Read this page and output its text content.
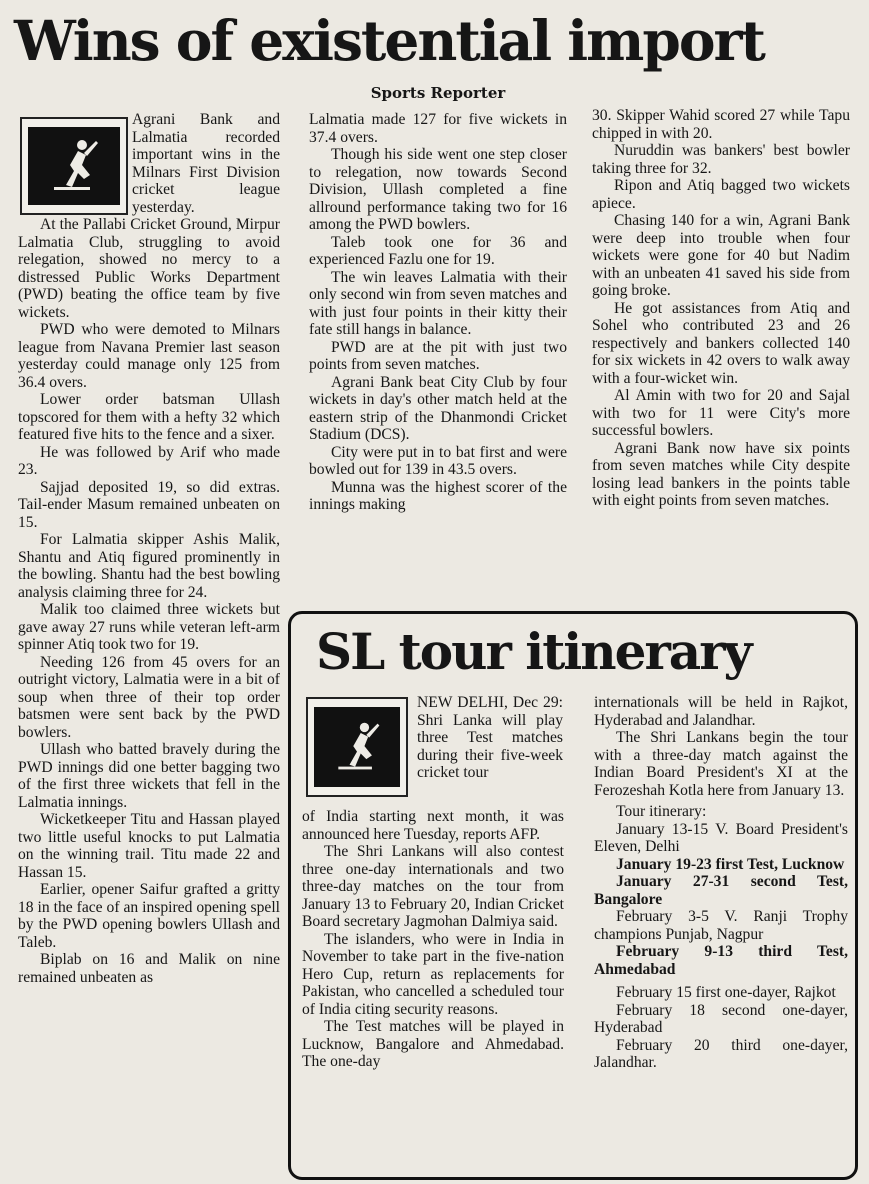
Wins of existential import
Sports Reporter

Agrani Bank and Lalmatia recorded important wins in the Milnars First Division cricket league yesterday.

At the Pallabi Cricket Ground, Mirpur Lalmatia Club, struggling to avoid relegation, showed no mercy to a distressed Public Works Department (PWD) beating the office team by five wickets.

PWD who were demoted to Milnars league from Navana Premier last season yesterday could manage only 125 from 36.4 overs.

Lower order batsman Ullash topscored for them with a hefty 32 which featured five hits to the fence and a sixer.

He was followed by Arif who made 23.

Sajjad deposited 19, so did extras. Tail-ender Masum remained unbeaten on 15.

For Lalmatia skipper Ashis Malik, Shantu and Atiq figured prominently in the bowling. Shantu had the best bowling analysis claiming three for 24.

Malik too claimed three wickets but gave away 27 runs while veteran left-arm spinner Atiq took two for 19.

Needing 126 from 45 overs for an outright victory, Lalmatia were in a bit of soup when three of their top order batsmen were sent back by the PWD bowlers.

Ullash who batted bravely during the PWD innings did one better bagging two of the first three wickets that fell in the Lalmatia innings.

Wicketkeeper Titu and Hassan played two little useful knocks to put Lalmatia on the winning trail. Titu made 22 and Hassan 15.

Earlier, opener Saifur grafted a gritty 18 in the face of an inspired opening spell by the PWD opening bowlers Ullash and Taleb.

Biplab on 16 and Malik on nine remained unbeaten as

Lalmatia made 127 for five wickets in 37.4 overs.

Though his side went one step closer to relegation, now towards Second Division, Ullash completed a fine allround performance taking two for 16 among the PWD bowlers.

Taleb took one for 36 and experienced Fazlu one for 19.

The win leaves Lalmatia with their only second win from seven matches and with just four points in their kitty their fate still hangs in balance.

PWD are at the pit with just two points from seven matches.

Agrani Bank beat City Club by four wickets in day's other match held at the eastern strip of the Dhanmondi Cricket Stadium (DCS).

City were put in to bat first and were bowled out for 139 in 43.5 overs.

Munna was the highest scorer of the innings making

30. Skipper Wahid scored 27 while Tapu chipped in with 20.

Nuruddin was bankers' best bowler taking three for 32.

Ripon and Atiq bagged two wickets apiece.

Chasing 140 for a win, Agrani Bank were deep into trouble when four wickets were gone for 40 but Nadim with an unbeaten 41 saved his side from going broke.

He got assistances from Atiq and Sohel who contributed 23 and 26 respectively and bankers collected 140 for six wickets in 42 overs to walk away with a four-wicket win.

Al Amin with two for 20 and Sajal with two for 11 were City's more successful bowlers.

Agrani Bank now have six points from seven matches while City despite losing lead bankers in the points table with eight points from seven matches.

SL tour itinerary

NEW DELHI, Dec 29: Shri Lanka will play three Test matches during their five-week cricket tour

of India starting next month, it was announced here Tuesday, reports AFP.

The Shri Lankans will also contest three one-day internationals and two three-day matches on the tour from January 13 to February 20, Indian Cricket Board secretary Jagmohan Dalmiya said.

The islanders, who were in India in November to take part in the five-nation Hero Cup, return as replacements for Pakistan, who cancelled a scheduled tour of India citing security reasons.

The Test matches will be played in Lucknow, Bangalore and Ahmedabad. The one-day

internationals will be held in Rajkot, Hyderabad and Jalandhar.

The Shri Lankans begin the tour with a three-day match against the Indian Board President's XI at the Ferozeshah Kotla here from January 13.

Tour itinerary:
January 13-15 V. Board President's Eleven, Delhi
January 19-23 first Test, Lucknow
January 27-31 second Test, Bangalore
February 3-5 V. Ranji Trophy champions Punjab, Nagpur
February 9-13 third Test, Ahmedabad
February 15 first one-dayer, Rajkot
February 18 second one-dayer, Hyderabad
February 20 third one-dayer, Jalandhar.
